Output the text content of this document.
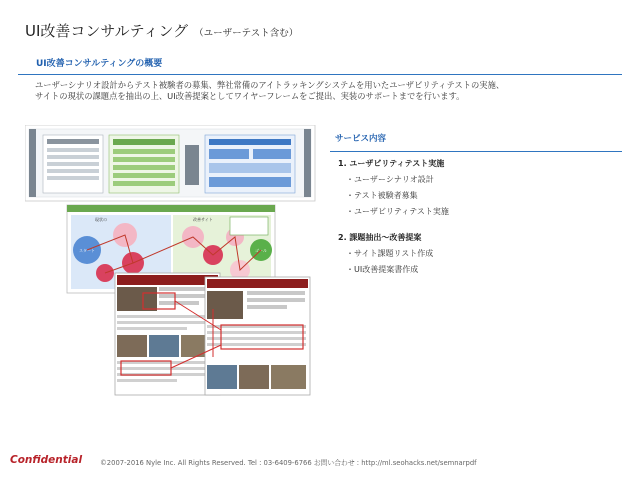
UI改善コンサルティング （ユーザーテスト含む）
UI改善コンサルティングの概要
ユーザーシナリオ設計からテスト被験者の募集、弊社常備のアイトラッキングシステムを用いたユーザビリティテストの実施、
サイトの現状の課題点を抽出の上、UI改善提案としてワイヤーフレームをご提出、実装のサポートまでを行います。
スタート	ゴール
現状の	改善サイト
サービス内容
1. ユーザビリティテスト実施
・ユーザーシナリオ設計
・テスト被験者募集
・ユーザビリティテスト実施
2. 課題抽出～改善提案
・サイト課題リスト作成
・UI改善提案書作成
Confidential	©2007-2016 Nyle Inc. All Rights Reserved. Tel : 03-6409-6766 お問い合わせ : http://ml.seohacks.net/semnarpdf
